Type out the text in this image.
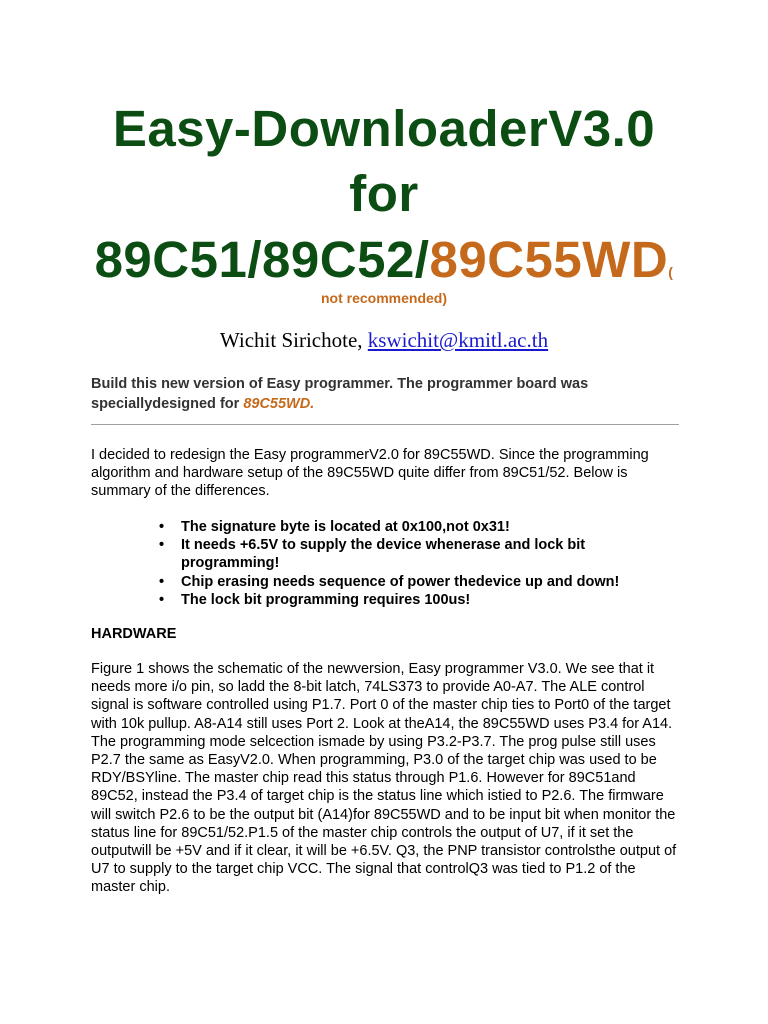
Easy-DownloaderV3.0
for
89C51/89C52/89C55WD(

not recommended)

Wichit Sirichote, kswichit@kmitl.ac.th

Build this new version of Easy programmer. The programmer board was speciallydesigned for 89C55WD.

I decided to redesign the Easy programmerV2.0 for 89C55WD. Since the programming algorithm and hardware setup of the 89C55WD quite differ from 89C51/52. Below is summary of the differences.

•	The signature byte is located at 0x100,not 0x31!
•	It needs +6.5V to supply the device whenerase and lock bit programming!
•	Chip erasing needs sequence of power thedevice up and down!
•	The lock bit programming requires 100us!
HARDWARE

Figure 1 shows the schematic of the newversion, Easy programmer V3.0. We see that it needs more i/o pin, so ladd the 8-bit latch, 74LS373 to provide A0-A7. The ALE control signal is software controlled using P1.7. Port 0 of the master chip ties to Port0 of the target with 10k pullup. A8-A14 still uses Port 2. Look at theA14, the 89C55WD uses P3.4 for A14. The programming mode selcection ismade by using P3.2-P3.7. The prog pulse still uses P2.7 the same as EasyV2.0. When programming, P3.0 of the target chip was used to be RDY/BSYline. The master chip read this status through P1.6. However for 89C51and 89C52, instead the P3.4 of target chip is the status line which istied to P2.6. The firmware will switch P2.6 to be the output bit (A14)for 89C55WD and to be input bit when monitor the status line for 89C51/52.P1.5 of the master chip controls the output of U7, if it set the outputwill be +5V and if it clear, it will be +6.5V. Q3, the PNP transistor controlsthe output of U7 to supply to the target chip VCC. The signal that controlQ3 was tied to P1.2 of the master chip.
